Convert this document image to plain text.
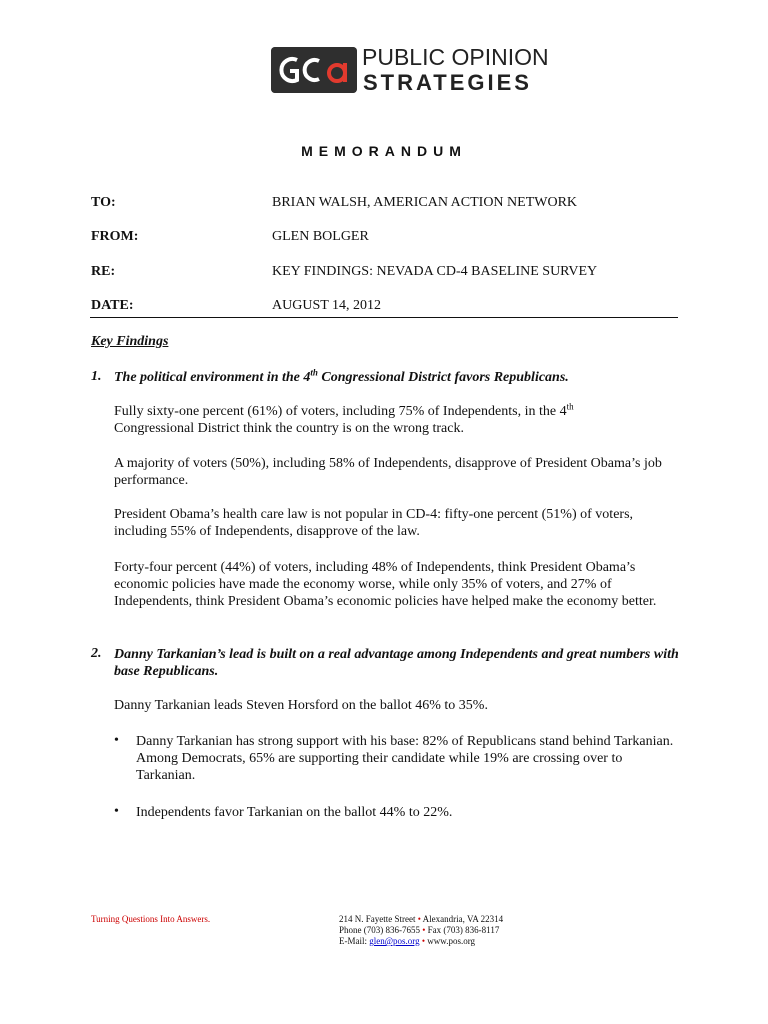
PUBLIC OPINION
STRATEGIES
MEMORANDUM
TO:	BRIAN WALSH, AMERICAN ACTION NETWORK
FROM:	GLEN BOLGER
RE:	KEY FINDINGS: NEVADA CD-4 BASELINE SURVEY
DATE:	AUGUST 14, 2012
Key Findings
1. The political environment in the 4th Congressional District favors Republicans.
Fully sixty-one percent (61%) of voters, including 75% of Independents, in the 4th
Congressional District think the country is on the wrong track.
A majority of voters (50%), including 58% of Independents, disapprove of President Obama’s job performance.
President Obama’s health care law is not popular in CD-4: fifty-one percent (51%) of voters, including 55% of Independents, disapprove of the law.
Forty-four percent (44%) of voters, including 48% of Independents, think President Obama’s economic policies have made the economy worse, while only 35% of voters, and 27% of Independents, think President Obama’s economic policies have helped make the economy better.
2. Danny Tarkanian’s lead is built on a real advantage among Independents and great numbers with base Republicans.
Danny Tarkanian leads Steven Horsford on the ballot 46% to 35%.
• Danny Tarkanian has strong support with his base: 82% of Republicans stand behind Tarkanian. Among Democrats, 65% are supporting their candidate while 19% are crossing over to Tarkanian.
• Independents favor Tarkanian on the ballot 44% to 22%.
Turning Questions Into Answers.	214 N. Fayette Street • Alexandria, VA 22314
Phone (703) 836-7655 • Fax (703) 836-8117
E-Mail: glen@pos.org • www.pos.org
